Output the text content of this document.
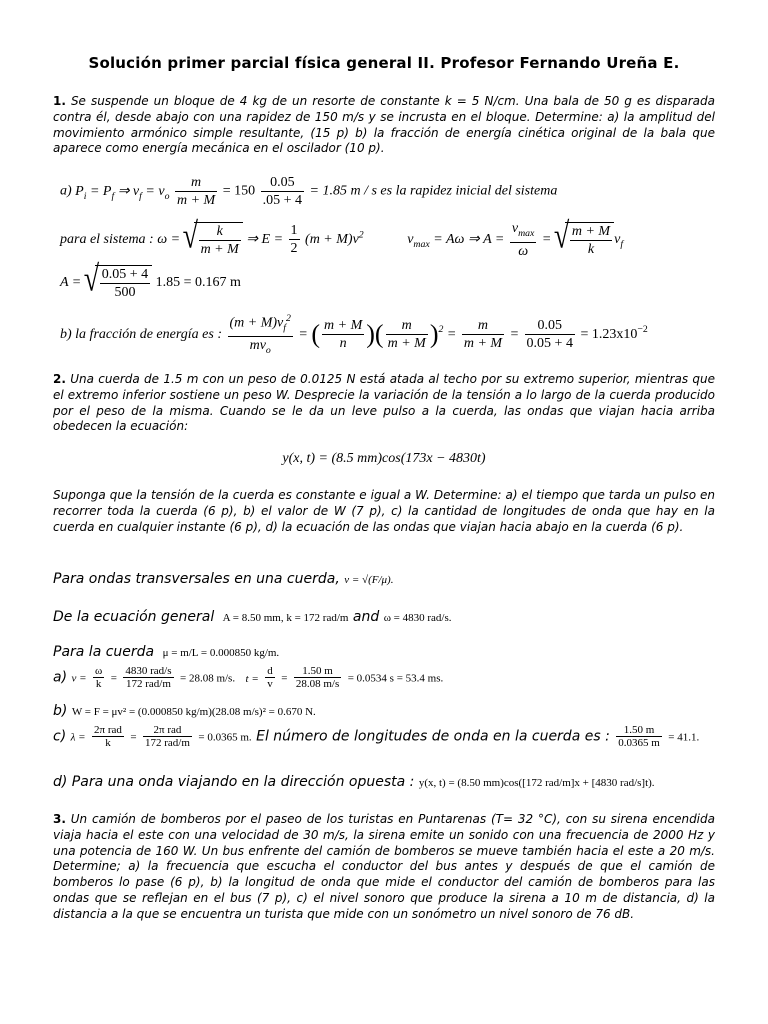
Solución primer parcial física general II. Profesor Fernando Ureña E.
1. Se suspende un bloque de 4 kg de un resorte de constante k = 5 N/cm. Una bala de 50 g es disparada contra él, desde abajo con una rapidez de 150 m/s y se incrusta en el bloque. Determine: a) la amplitud del movimiento armónico simple resultante, (15 p) b) la fracción de energía cinética original de la bala que aparece como energía mecánica en el oscilador (10 p).
a) $P_i = P_f$ ⇒ $v_f = v_o \frac{m}{m + M} = 150 \frac{0.05}{.05 + 4} = 1.85$ m / s es la rapidez inicial del sistema
para el sistema : ω = √ $\frac{k}{m + M}$ ⇒ $E = \frac{1}{2} (m + M)v^2$	$v_{max} = A\omega$ ⇒ $A = \frac{v_{max}}{\omega}$ = √ $\frac{m + M}{k} v_f$
A = √ $\frac{0.05 + 4}{500} 1.85 = 0.167$ m
b) la fracción de energía es : $\frac{(m + M)v_f^2}{mv_o}$ = ( $\frac{m + M}{n}$ )( $\frac{m}{m + M} )^2 = \frac{m}{m + M} = \frac{0.05}{0.05 + 4} = 1.23x10^{-2}$
2. Una cuerda de 1.5 m con un peso de 0.0125 N está atada al techo por su extremo superior, mientras que el extremo inferior sostiene un peso W. Desprecie la variación de la tensión a lo largo de la cuerda producido por el peso de la misma. Cuando se le da un leve pulso a la cuerda, las ondas que viajan hacia arriba obedecen la ecuación:
y(x, t) = (8.5 mm)cos(173x − 4830t)
Suponga que la tensión de la cuerda es constante e igual a W. Determine: a) el tiempo que tarda un pulso en recorrer toda la cuerda (6 p), b) el valor de W (7 p), c) la cantidad de longitudes de onda que hay en la cuerda en cualquier instante (6 p), d) la ecuación de las ondas que viajan hacia abajo en la cuerda (6 p).
Para ondas transversales en una cuerda, v = √(F/μ).
De la ecuación general A = 8.50 mm, k = 172 rad/m and ω = 4830 rad/s.
Para la cuerda μ = m/L = 0.000850 kg/m.
a) $v = \frac{\omega}{k} = \frac{\text{4830 rad/s}}{\text{172 rad/m}} = 28.08$ m/s. $t = \frac{d}{v} = \frac{1.50 m}{28.08 m/s} = 0.0534$ s = 53.4 ms.
b) W = F = μv² = (0.000850 kg/m)(28.08 m/s)² = 0.670 N.
c) $\lambda = \frac{\text{2π rad}}{k} = \frac{\text{2π rad}}{\text{172 rad/m}} = 0.0365$ m. El número de longitudes de onda en la cuerda es : $\frac{1.50 m}{0.0365 m} = 41.1$.
d) Para una onda viajando en la dirección opuesta : y(x, t) = (8.50 mm)cos([172 rad/m]x + [4830 rad/s]t).
3. Un camión de bomberos por el paseo de los turistas en Puntarenas (T= 32 °C), con su sirena encendida viaja hacia el este con una velocidad de 30 m/s, la sirena emite un sonido con una frecuencia de 2000 Hz y una potencia de 160 W. Un bus enfrente del camión de bomberos se mueve también hacia el este a 20 m/s. Determine; a) la frecuencia que escucha el conductor del bus antes y después de que el camión de bomberos lo pase (6 p), b) la longitud de onda que mide el conductor del camión de bomberos para las ondas que se reflejan en el bus (7 p), c) el nivel sonoro que produce la sirena a 10 m de distancia, d) la distancia a la que se encuentra un turista que mide con un sonómetro un nivel sonoro de 76 dB.
